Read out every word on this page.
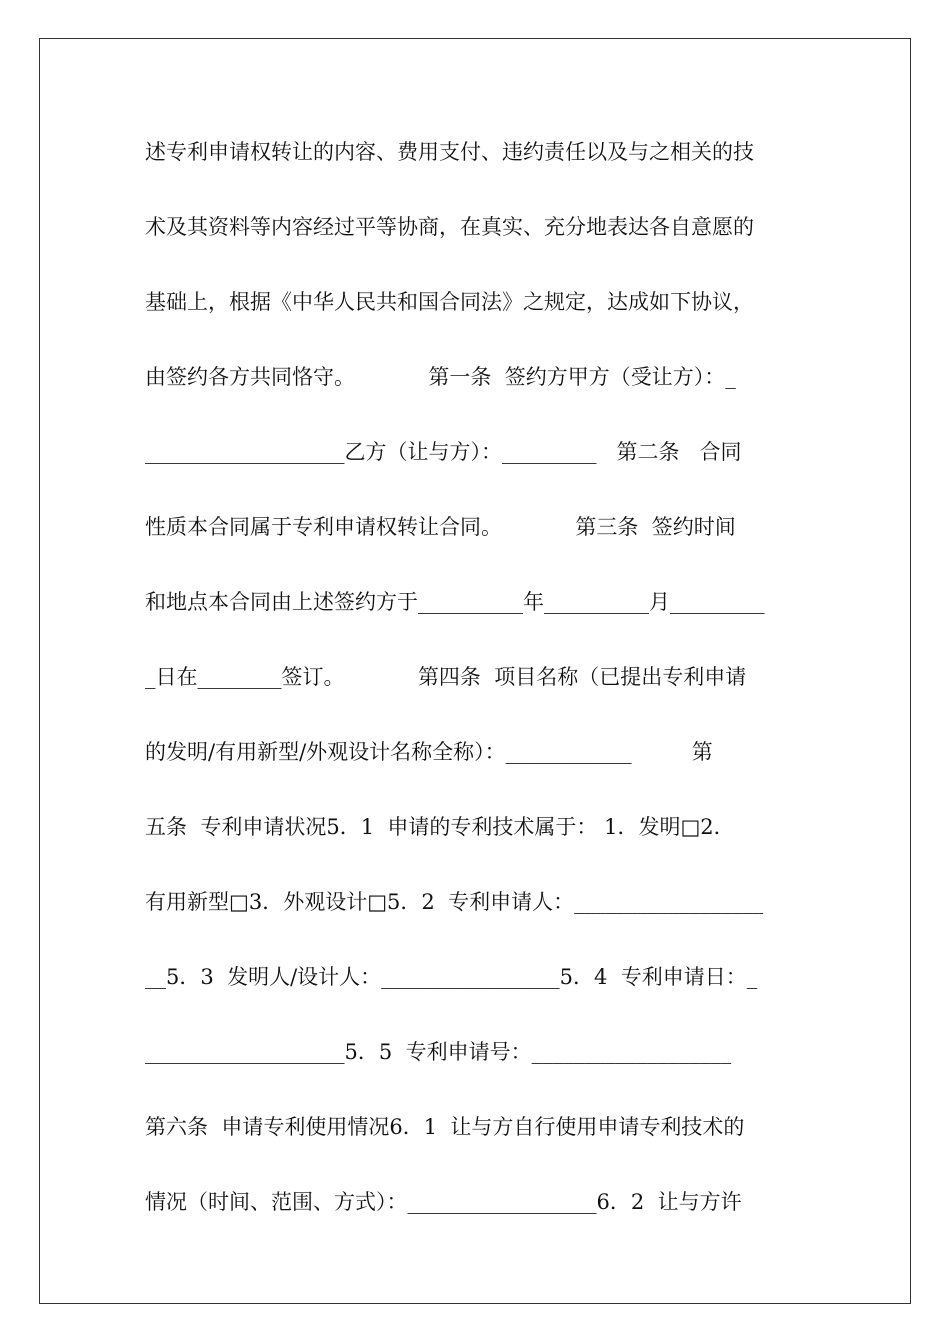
述专利申请权转让的内容、费用支付、违约责任以及与之相关的技
术及其资料等内容经过平等协商，在真实、充分地表达各自意愿的
基础上，根据《中华人民共和国合同法》之规定，达成如下协议，
由签约各方共同恪守。           第一条  签约方甲方（受让方）：_
___________________乙方（让与方）：_________   第二条   合同
性质本合同属于专利申请权转让合同。           第三条  签约时间
和地点本合同由上述签约方于__________年__________月_________
_日在________签订。           第四条  项目名称（已提出专利申请
的发明/有用新型/外观设计名称全称）：____________         第
五条  专利申请状况5．1  申请的专利技术属于： 1．发明□2．
有用新型□3．外观设计□5．2  专利申请人：__________________
__5．3  发明人/设计人：_________________5．4  专利申请日：_
___________________5．5  专利申请号：___________________
第六条  申请专利使用情况6．1  让与方自行使用申请专利技术的
情况（时间、范围、方式）：__________________6．2  让与方许
